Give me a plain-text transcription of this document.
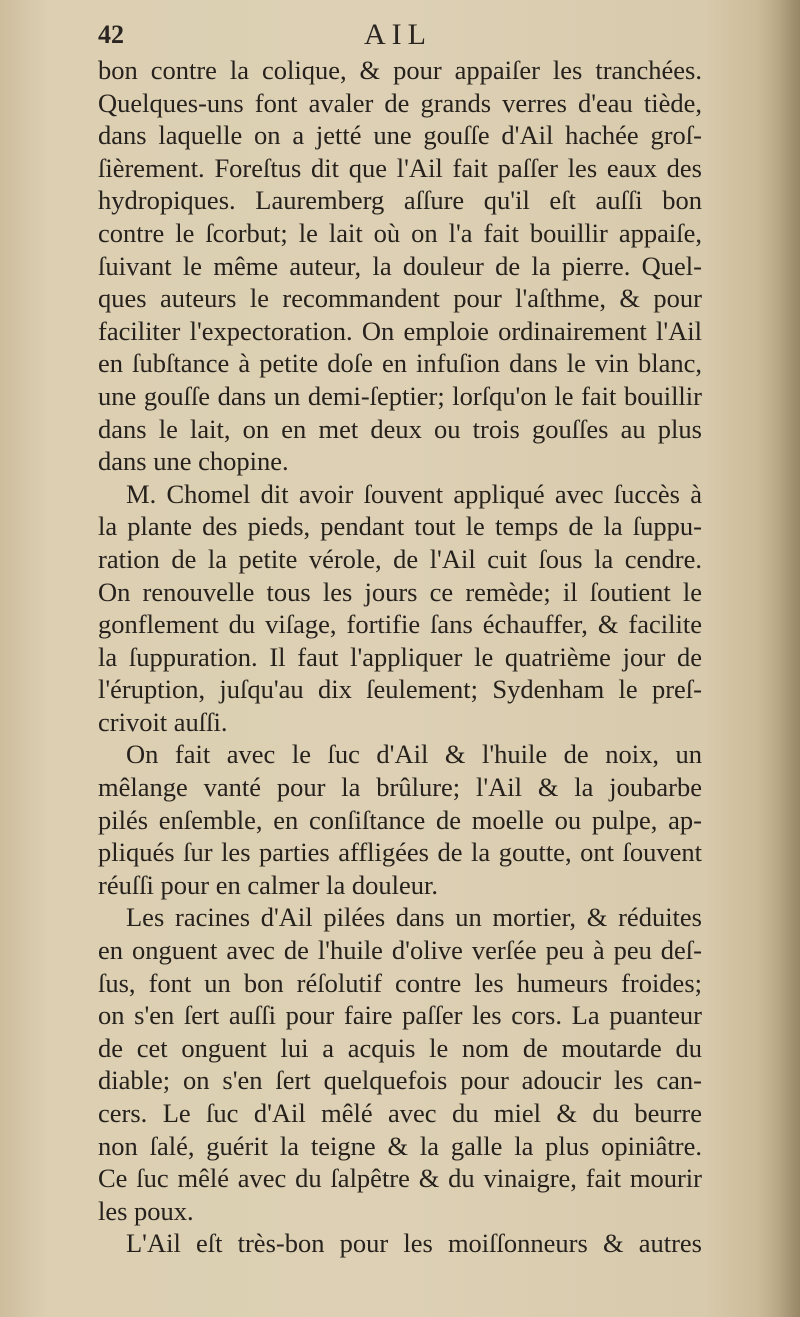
42	AIL
bon contre la colique, & pour appaiſer les tranchées.
Quelques-uns font avaler de grands verres d'eau tiède,
dans laquelle on a jetté une gouſſe d'Ail hachée groſ-
ſièrement. Foreſtus dit que l'Ail fait paſſer les eaux des
hydropiques. Lauremberg aſſure qu'il eſt auſſi bon
contre le ſcorbut; le lait où on l'a fait bouillir appaiſe,
ſuivant le même auteur, la douleur de la pierre. Quel-
ques auteurs le recommandent pour l'aſthme, & pour
faciliter l'expectoration. On emploie ordinairement l'Ail
en ſubſtance à petite doſe en infuſion dans le vin blanc,
une gouſſe dans un demi-ſeptier; lorſqu'on le fait bouillir
dans le lait, on en met deux ou trois gouſſes au plus
dans une chopine.
M. Chomel dit avoir ſouvent appliqué avec ſuccès à
la plante des pieds, pendant tout le temps de la ſuppu-
ration de la petite vérole, de l'Ail cuit ſous la cendre.
On renouvelle tous les jours ce remède; il ſoutient le
gonflement du viſage, fortifie ſans échauffer, & facilite
la ſuppuration. Il faut l'appliquer le quatrième jour de
l'éruption, juſqu'au dix ſeulement; Sydenham le preſ-
crivoit auſſi.
On fait avec le ſuc d'Ail & l'huile de noix, un
mêlange vanté pour la brûlure; l'Ail & la joubarbe
pilés enſemble, en conſiſtance de moelle ou pulpe, ap-
pliqués ſur les parties affligées de la goutte, ont ſouvent
réuſſi pour en calmer la douleur.
Les racines d'Ail pilées dans un mortier, & réduites
en onguent avec de l'huile d'olive verſée peu à peu deſ-
ſus, font un bon réſolutif contre les humeurs froides;
on s'en ſert auſſi pour faire paſſer les cors. La puanteur
de cet onguent lui a acquis le nom de moutarde du
diable; on s'en ſert quelquefois pour adoucir les can-
cers. Le ſuc d'Ail mêlé avec du miel & du beurre
non ſalé, guérit la teigne & la galle la plus opiniâtre.
Ce ſuc mêlé avec du ſalpêtre & du vinaigre, fait mourir
les poux.
L'Ail eſt très-bon pour les moiſſonneurs & autres
